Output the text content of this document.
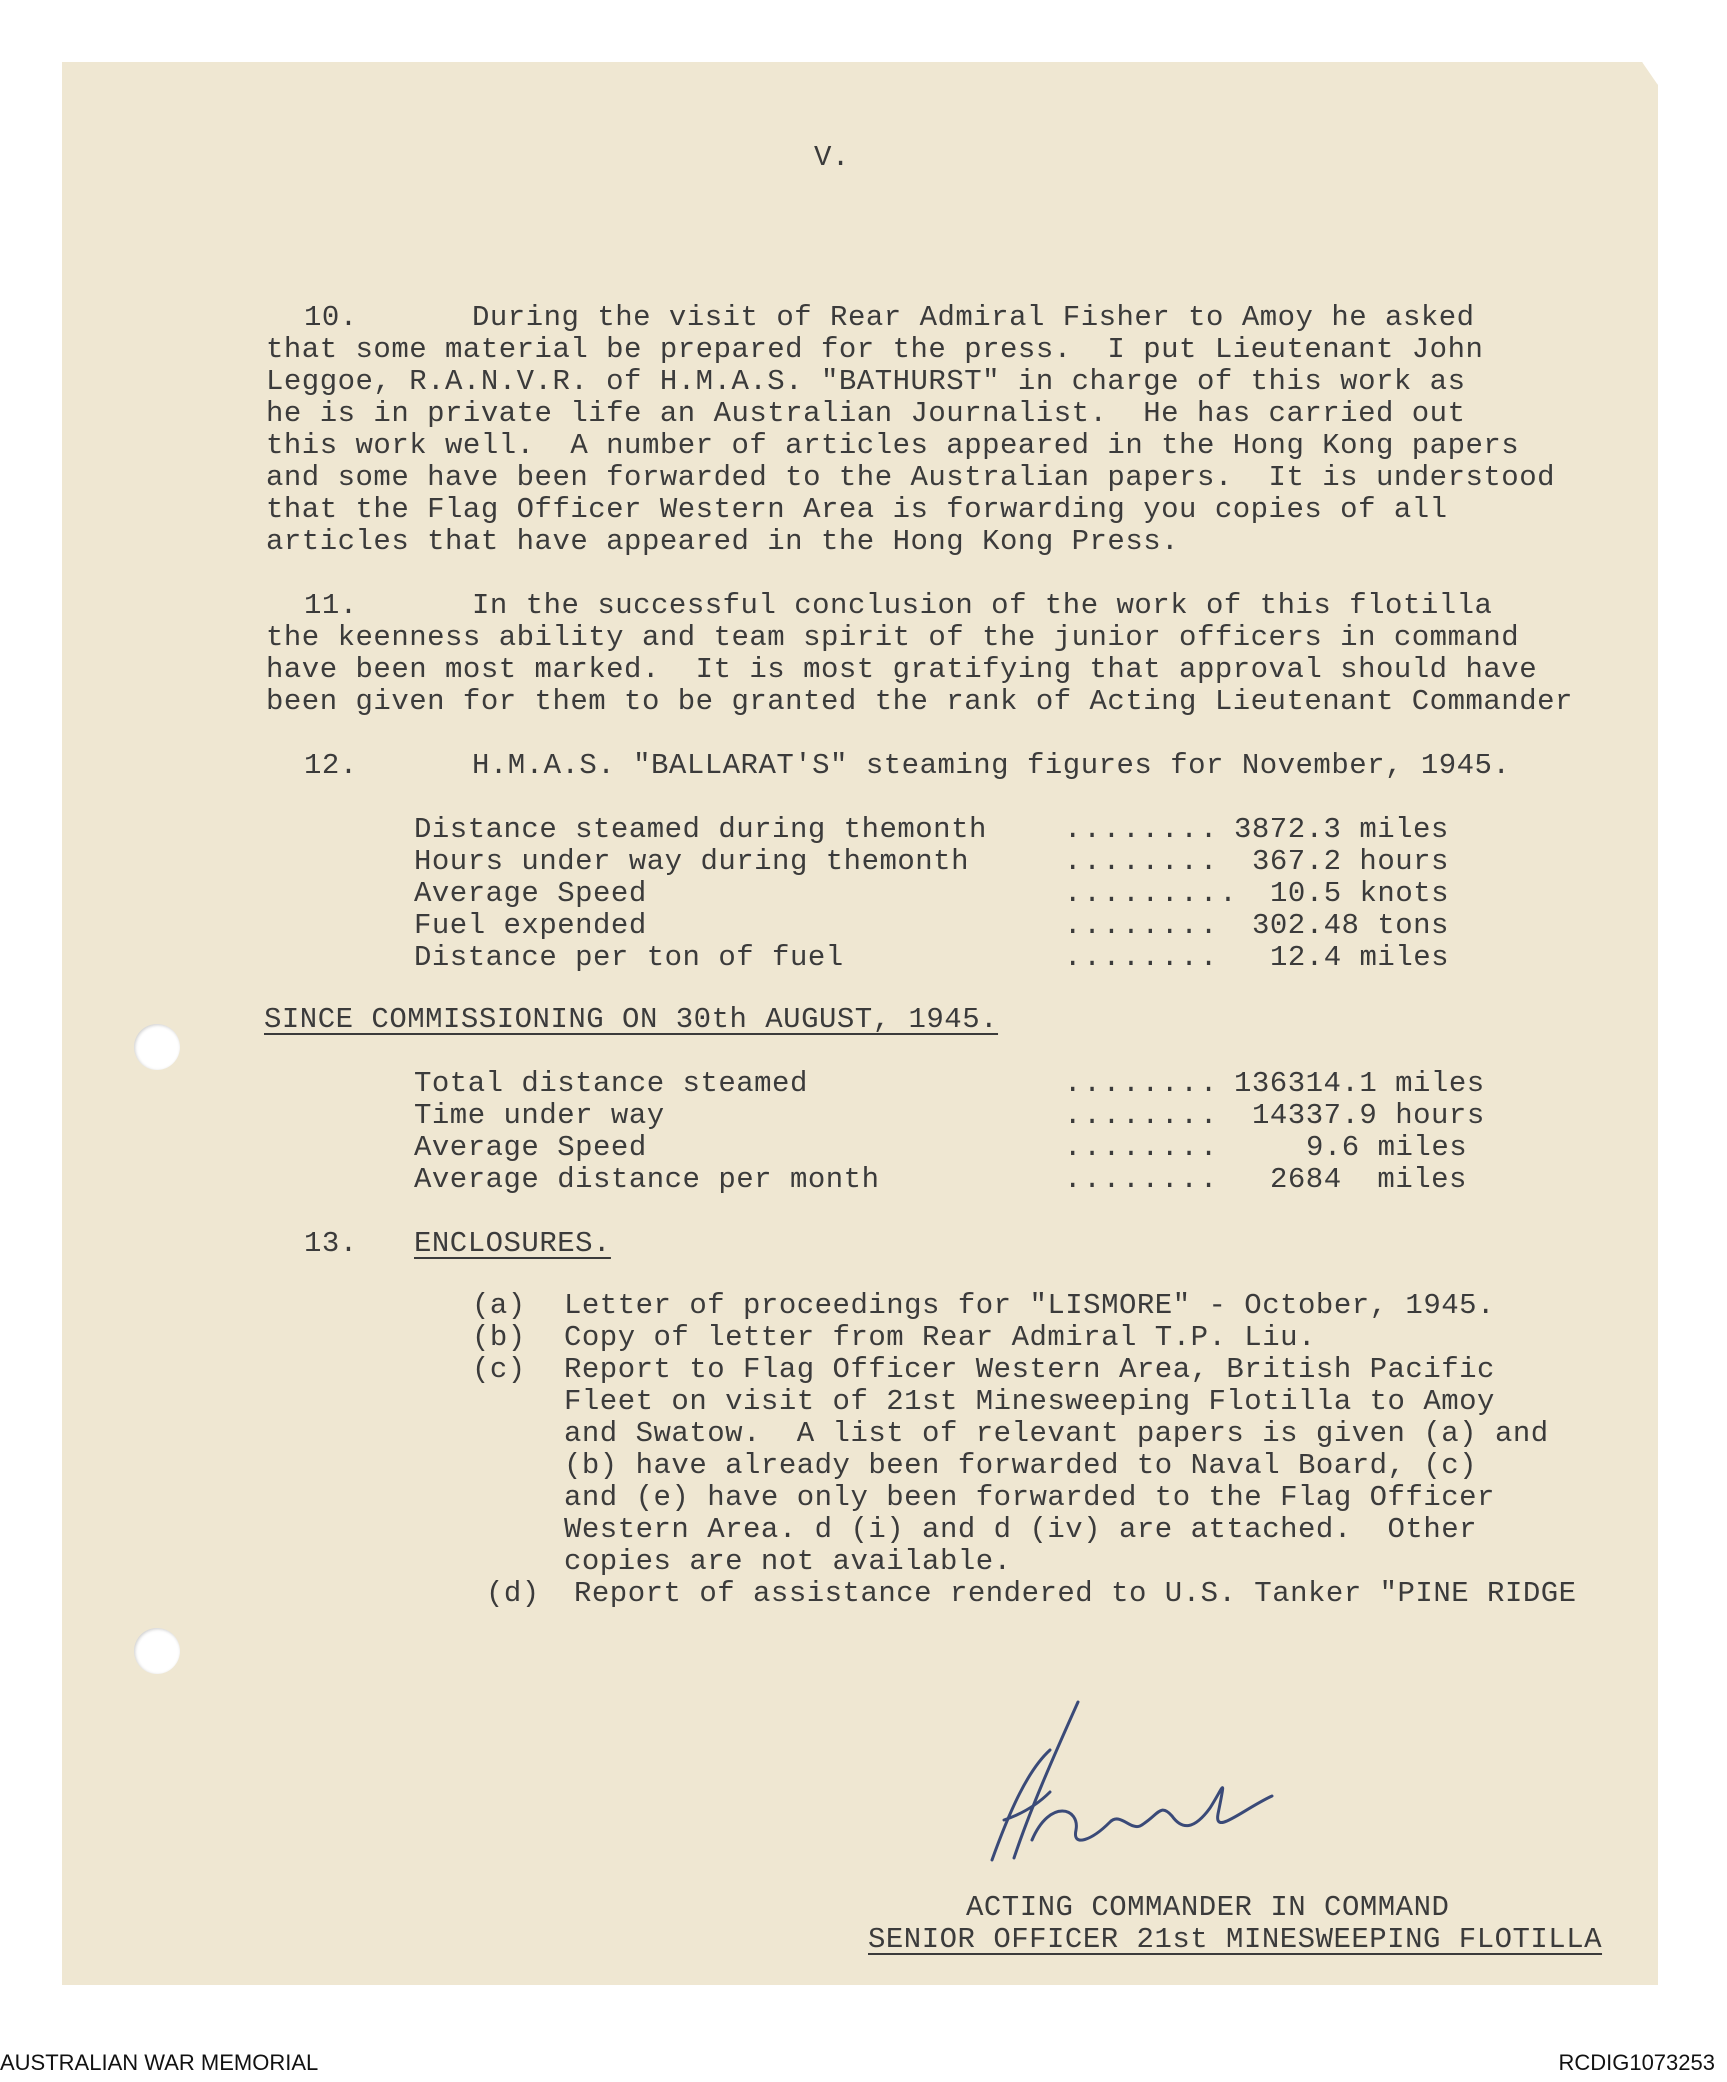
V.
10.	During the visit of Rear Admiral Fisher to Amoy he asked
that some material be prepared for the press.  I put Lieutenant John
Leggoe, R.A.N.V.R. of H.M.A.S. "BATHURST" in charge of this work as
he is in private life an Australian Journalist.  He has carried out
this work well.  A number of articles appeared in the Hong Kong papers
and some have been forwarded to the Australian papers.  It is understood
that the Flag Officer Western Area is forwarding you copies of all
articles that have appeared in the Hong Kong Press.
11.	In the successful conclusion of the work of this flotilla
the keenness ability and team spirit of the junior officers in command
have been most marked.  It is most gratifying that approval should have
been given for them to be granted the rank of Acting Lieutenant Commander
12.	H.M.A.S. "BALLARAT'S" steaming figures for November, 1945.
Distance steamed during themonth	........ 3872.3 miles
Hours under way during themonth	........ 367.2 hours
Average Speed	......... 10.5 knots
Fuel expended	........ 302.48 tons
Distance per ton of fuel	........ 12.4 miles
SINCE COMMISSIONING ON 30th AUGUST, 1945.
Total distance steamed	........ 136314.1 miles
Time under way	........ 14337.9 hours
Average Speed	........	9.6 miles
Average distance per month	........ 2684  miles
13. ENCLOSURES.
(a) Letter of proceedings for "LISMORE" - October, 1945.
(b) Copy of letter from Rear Admiral T.P. Liu.
(c) Report to Flag Officer Western Area, British Pacific
Fleet on visit of 21st Minesweeping Flotilla to Amoy
and Swatow.  A list of relevant papers is given (a) and
(b) have already been forwarded to Naval Board, (c)
and (e) have only been forwarded to the Flag Officer
Western Area. d (i) and d (iv) are attached.  Other
copies are not available.
(d) Report of assistance rendered to U.S. Tanker "PINE RIDGE
ACTING COMMANDER IN COMMAND
SENIOR OFFICER 21st MINESWEEPING FLOTILLA
AUSTRALIAN WAR MEMORIAL	RCDIG1073253
